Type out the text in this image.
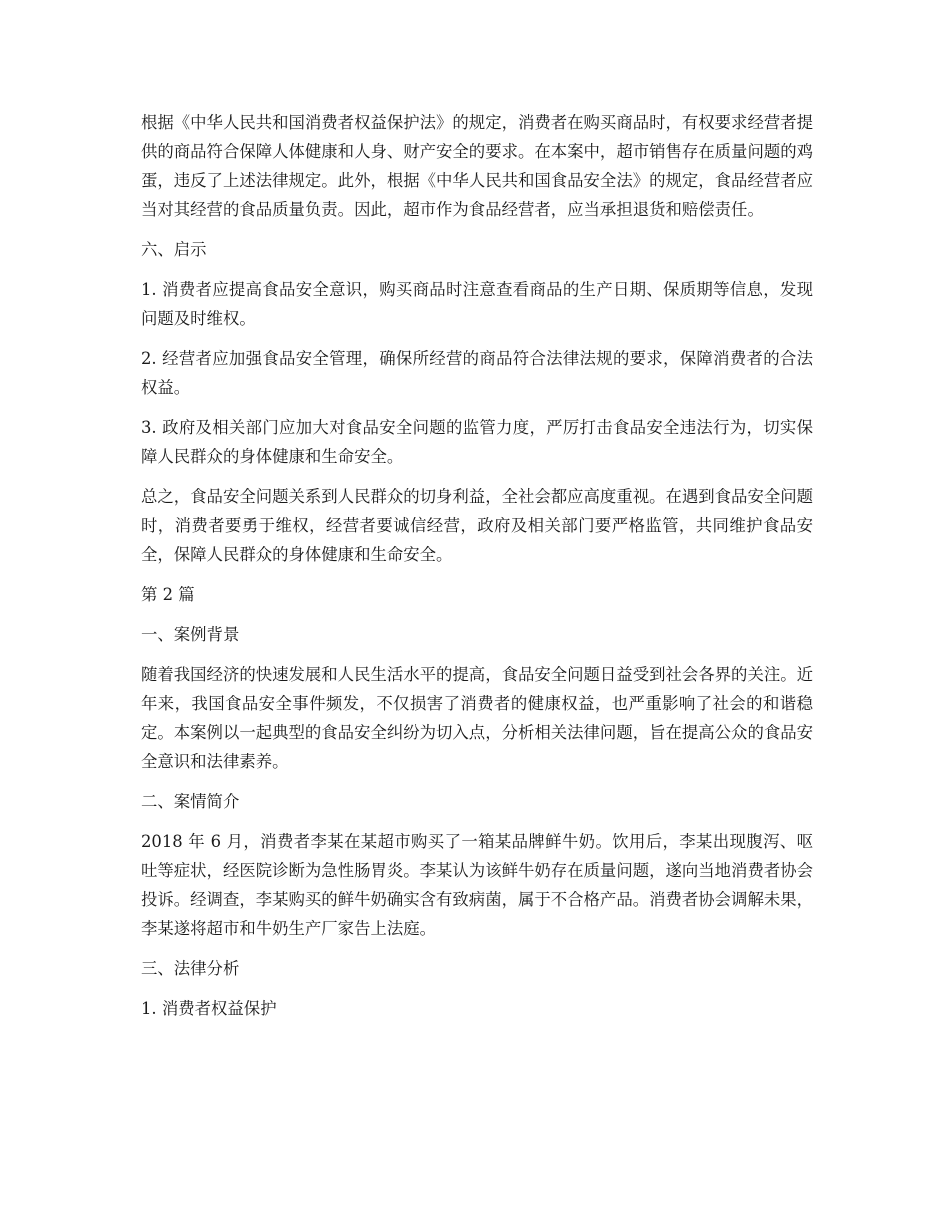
根据《中华人民共和国消费者权益保护法》的规定，消费者在购买商品时，有权要求经营者提供的商品符合保障人体健康和人身、财产安全的要求。在本案中，超市销售存在质量问题的鸡蛋，违反了上述法律规定。此外，根据《中华人民共和国食品安全法》的规定，食品经营者应当对其经营的食品质量负责。因此，超市作为食品经营者，应当承担退货和赔偿责任。

六、启示

1. 消费者应提高食品安全意识，购买商品时注意查看商品的生产日期、保质期等信息，发现问题及时维权。

2. 经营者应加强食品安全管理，确保所经营的商品符合法律法规的要求，保障消费者的合法权益。

3. 政府及相关部门应加大对食品安全问题的监管力度，严厉打击食品安全违法行为，切实保障人民群众的身体健康和生命安全。

总之，食品安全问题关系到人民群众的切身利益，全社会都应高度重视。在遇到食品安全问题时，消费者要勇于维权，经营者要诚信经营，政府及相关部门要严格监管，共同维护食品安全，保障人民群众的身体健康和生命安全。

第 2 篇

一、案例背景

随着我国经济的快速发展和人民生活水平的提高，食品安全问题日益受到社会各界的关注。近年来，我国食品安全事件频发，不仅损害了消费者的健康权益，也严重影响了社会的和谐稳定。本案例以一起典型的食品安全纠纷为切入点，分析相关法律问题，旨在提高公众的食品安全意识和法律素养。

二、案情简介

2018 年 6 月，消费者李某在某超市购买了一箱某品牌鲜牛奶。饮用后，李某出现腹泻、呕吐等症状，经医院诊断为急性肠胃炎。李某认为该鲜牛奶存在质量问题，遂向当地消费者协会投诉。经调查，李某购买的鲜牛奶确实含有致病菌，属于不合格产品。消费者协会调解未果，李某遂将超市和牛奶生产厂家告上法庭。

三、法律分析

1. 消费者权益保护
